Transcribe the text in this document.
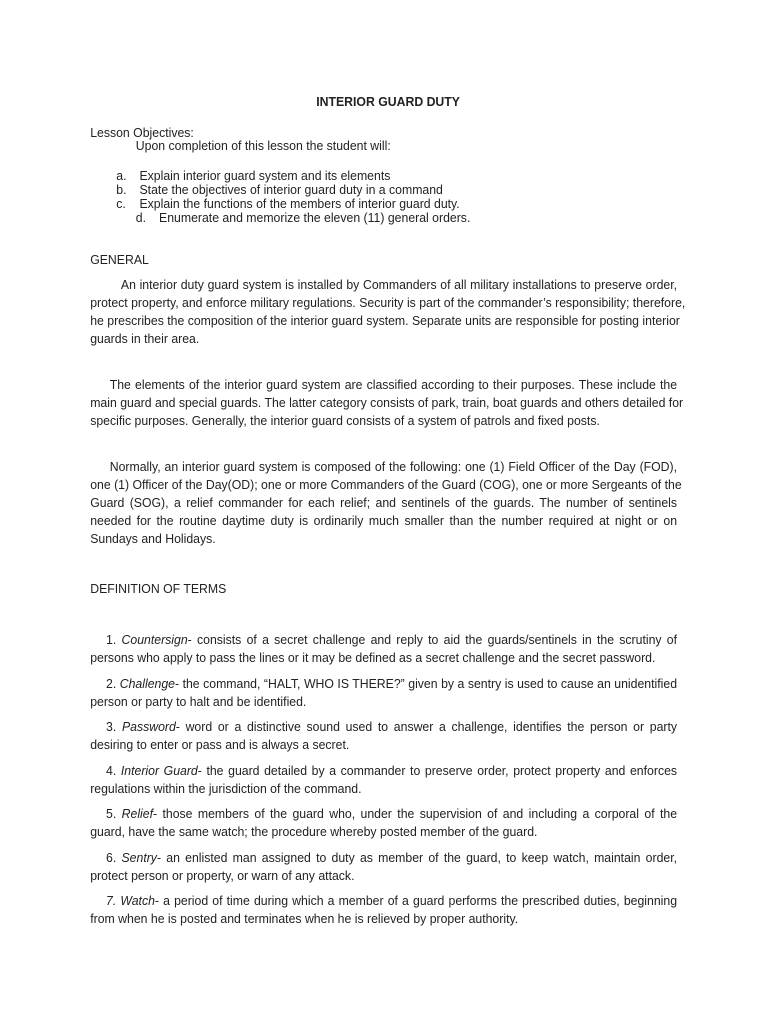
INTERIOR GUARD DUTY
Lesson Objectives:
Upon completion of this lesson the student will:
a. Explain interior guard system and its elements
b. State the objectives of interior guard duty in a command
c. Explain the functions of the members of interior guard duty.
d. Enumerate and memorize the eleven (11) general orders.
GENERAL
An interior duty guard system is installed by Commanders of all military installations to preserve order,
protect property, and enforce military regulations. Security is part of the commander’s responsibility; therefore,
he prescribes the composition of the interior guard system. Separate units are responsible for posting interior
guards in their area.
The elements of the interior guard system are classified according to their purposes. These include the
main guard and special guards. The latter category consists of park, train, boat guards and others detailed for
specific purposes. Generally, the interior guard consists of a system of patrols and fixed posts.
Normally, an interior guard system is composed of the following: one (1) Field Officer of the Day (FOD),
one (1) Officer of the Day(OD); one or more Commanders of the Guard (COG), one or more Sergeants of the
Guard (SOG), a relief commander for each relief; and sentinels of the guards. The number of sentinels
needed for the routine daytime duty is ordinarily much smaller than the number required at night or on
Sundays and Holidays.
DEFINITION OF TERMS
1. Countersign- consists of a secret challenge and reply to aid the guards/sentinels in the scrutiny of
persons who apply to pass the lines or it may be defined as a secret challenge and the secret password.
2. Challenge- the command, “HALT, WHO IS THERE?” given by a sentry is used to cause an unidentified
person or party to halt and be identified.
3. Password- word or a distinctive sound used to answer a challenge, identifies the person or party
desiring to enter or pass and is always a secret.
4. Interior Guard- the guard detailed by a commander to preserve order, protect property and enforces
regulations within the jurisdiction of the command.
5. Relief- those members of the guard who, under the supervision of and including a corporal of the
guard, have the same watch; the procedure whereby posted member of the guard.
6. Sentry- an enlisted man assigned to duty as member of the guard, to keep watch, maintain order,
protect person or property, or warn of any attack.
7. Watch- a period of time during which a member of a guard performs the prescribed duties, beginning
from when he is posted and terminates when he is relieved by proper authority.
